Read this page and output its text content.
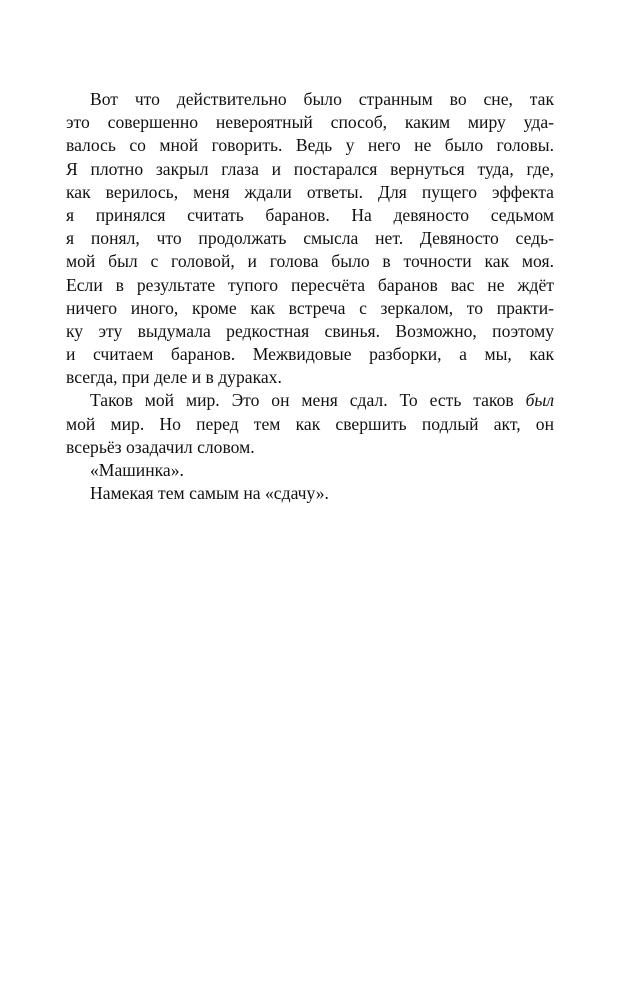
Вот что действительно было странным во сне, так
это совершенно невероятный способ, каким миру уда-
валось со мной говорить. Ведь у него не было головы.
Я плотно закрыл глаза и постарался вернуться туда, где,
как верилось, меня ждали ответы. Для пущего эффекта
я принялся считать баранов. На девяносто седьмом
я понял, что продолжать смысла нет. Девяносто седь-
мой был с головой, и голова было в точности как моя.
Если в результате тупого пересчёта баранов вас не ждёт
ничего иного, кроме как встреча с зеркалом, то практи-
ку эту выдумала редкостная свинья. Возможно, поэтому
и считаем баранов. Межвидовые разборки, а мы, как
всегда, при деле и в дураках.
Таков мой мир. Это он меня сдал. То есть таков был
мой мир. Но перед тем как свершить подлый акт, он
всерьёз озадачил словом.
«Машинка».
Намекая тем самым на «сдачу».
